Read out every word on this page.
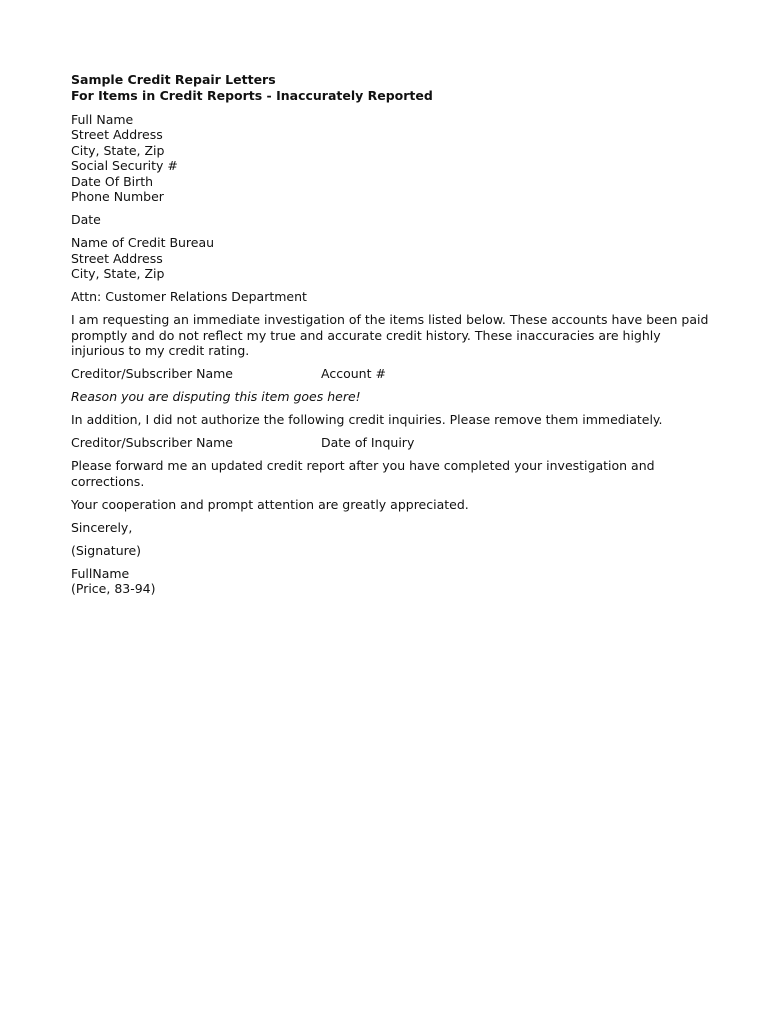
Sample Credit Repair Letters

For Items in Credit Reports - Inaccurately Reported

Full Name
Street Address
City, State, Zip
Social Security #
Date Of Birth
Phone Number
Date
Name of Credit Bureau
Street Address
City, State, Zip
Attn: Customer Relations Department
I am requesting an immediate investigation of the items listed below. These accounts have been paid
promptly and do not reflect my true and accurate credit history. These inaccuracies are highly
injurious to my credit rating.
Creditor/Subscriber Name	Account #
Reason you are disputing this item goes here!
In addition, I did not authorize the following credit inquiries. Please remove them immediately.
Creditor/Subscriber Name	Date of Inquiry
Please forward me an updated credit report after you have completed your investigation and
corrections.
Your cooperation and prompt attention are greatly appreciated.
Sincerely,
(Signature)
FullName
(Price, 83-94)
